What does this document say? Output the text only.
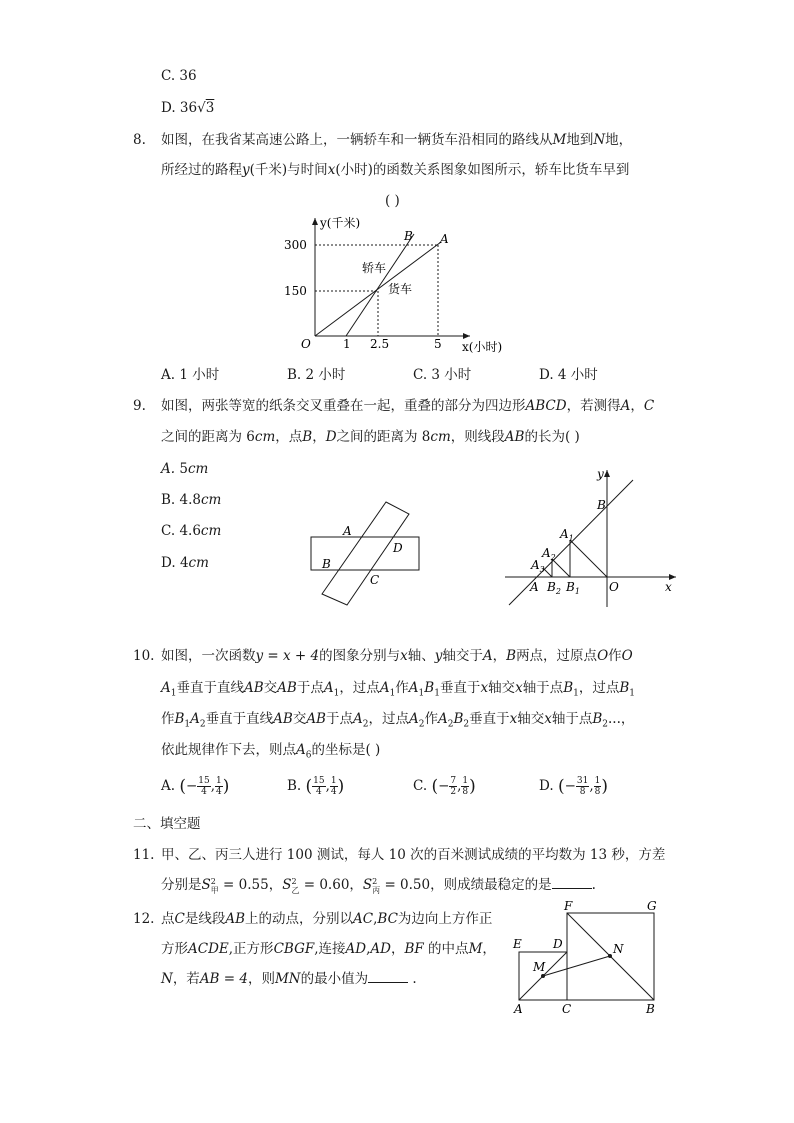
C. 36
D. 36√3
8. 如图，在我省某高速公路上，一辆轿车和一辆货车沿相同的路线从M地到N地，
所经过的路程y(千米)与时间x(小时)的函数关系图象如图所示，轿车比货车早到
( )
y(千米)
300
150
O	1 2.5	5 x(小时)
A
B
轿车
货车
A. 1 小时	B. 2 小时	C. 3 小时	D. 4 小时
9. 如图，两张等宽的纸条交叉重叠在一起，重叠的部分为四边形ABCD，若测得A，C
之间的距离为 6cm，点B，D之间的距离为 8cm，则线段AB的长为( )
A. 5cm
B. 4.8cm
C. 4.6cm
D. 4cm
A
D
B
C
y
B
$A_1$
$A_2$
$A_3$
A $B_2$ $B_1$ O	x
10. 如图，一次函数y = x + 4的图象分别与x轴、y轴交于A，B两点，过原点O作O
$A_1$垂直于直线AB交AB于点$A_1$，过点$A_1$作$A_1B_1$垂直于x轴交x轴于点$B_1$，过点$B_1$
作$B_1A_2$垂直于直线AB交AB于点$A_2$，过点$A_2$作$A_2B_2$垂直于x轴交x轴于点$B_2$...，
依此规律作下去，则点$A_6$的坐标是( )
A. (− $\frac{15}{4}$ , $\frac{1}{4}$ )	B. ( $\frac{15}{4}$ , $\frac{1}{4}$ )	C. (− $\frac{7}{2}$ , $\frac{1}{8}$ )	D. (− $\frac{31}{8}$ , $\frac{1}{8}$ )
二、填空题
11. 甲、乙、丙三人进行 100 测试，每人 10 次的百米测试成绩的平均数为 13 秒，方差
分别是S 2
甲 = 0.55，S 2
乙 = 0.60，S 2
丙 = 0.50，则成绩最稳定的是	.
12. 点C是线段AB上的动点，分别以AC,BC为边向上方作正
方形ACDE,正方形CBGF,连接AD,AD，BF 的中点M，
N，若AB = 4，则MN的最小值为	.
F	G
E	D	N
M
A	C	B
